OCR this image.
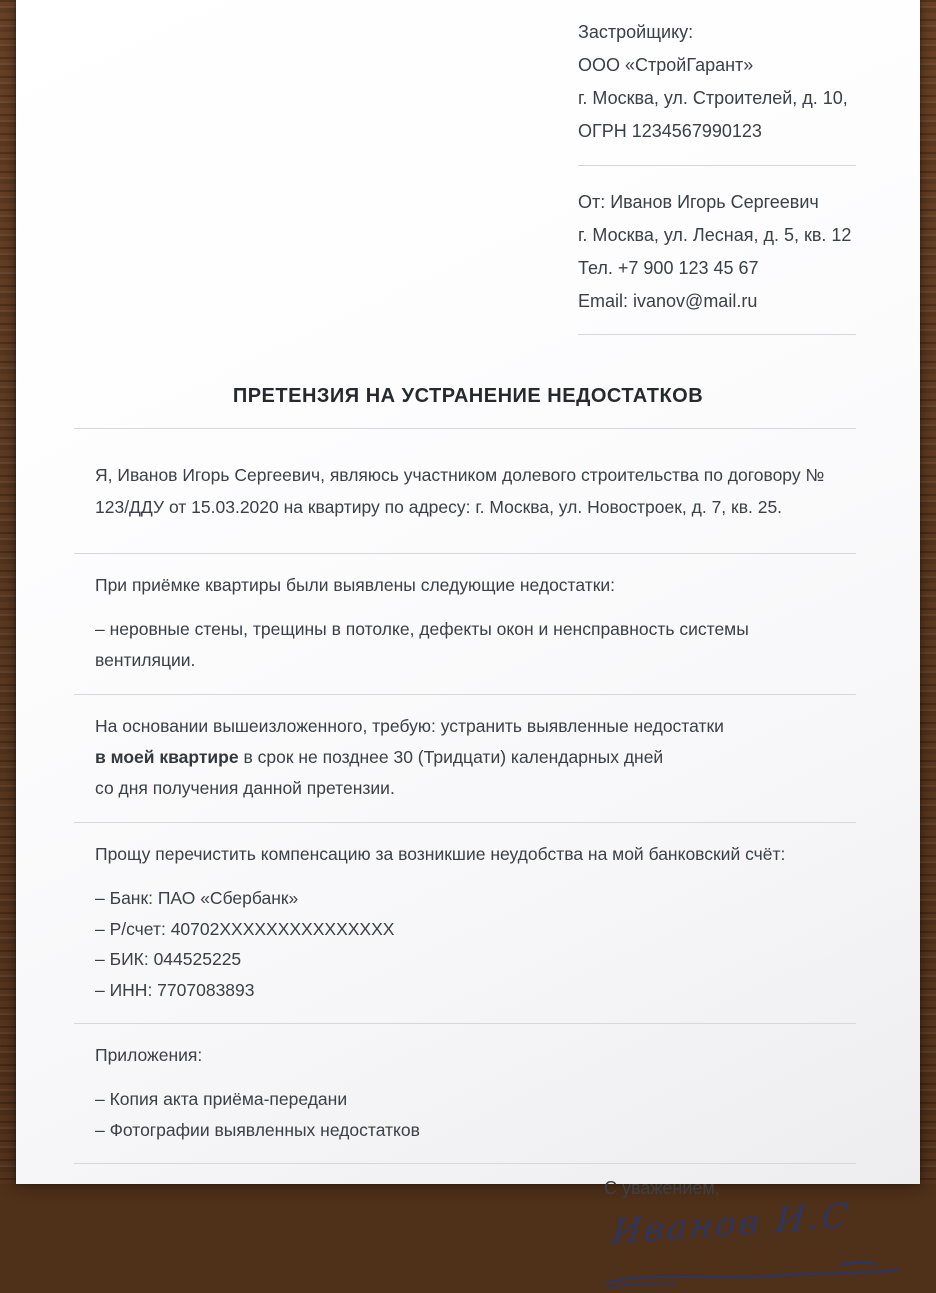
Застройщику:
ООО «СтройГарант»
г. Москва, ул. Строителей, д. 10,
ОГРН 1234567990123
От: Иванов Игорь Сергеевич
г. Москва, ул. Лесная, д. 5, кв. 12
Тел. +7 900 123 45 67
Email: ivanov@mail.ru
ПРЕТЕНЗИЯ НА УСТРАНЕНИЕ НЕДОСТАТКОВ

Я, Иванов Игорь Сергеевич, являюсь участником долевого строительства по договору № 123/ДДУ от 15.03.2020 на квартиру по адресу: г. Москва, ул. Новостроек, д. 7, кв. 25.

При приёмке квартиры были выявлены следующие недостатки:

– неровные стены, трещины в потолке, дефекты окон и ненсправность системы вентиляции.

На основании вышеизложенного, требую: устранить выявленные недостатки
в моей квартире в срок не позднее 30 (Тридцати) календарных дней
со дня получения данной претензии.

Прощу перечистить компенсацию за возникшие неудобства на мой банковский счёт:

– Банк: ПАО «Сбербанк»
– Р/счет: 40702XXXXXXXXXXXXXXX
– БИК: 044525225
– ИНН: 7707083893

Приложения:

– Копия акта приёма-передани
– Фотографии выявленных недостатков
С уважением,
Иванов И.С
